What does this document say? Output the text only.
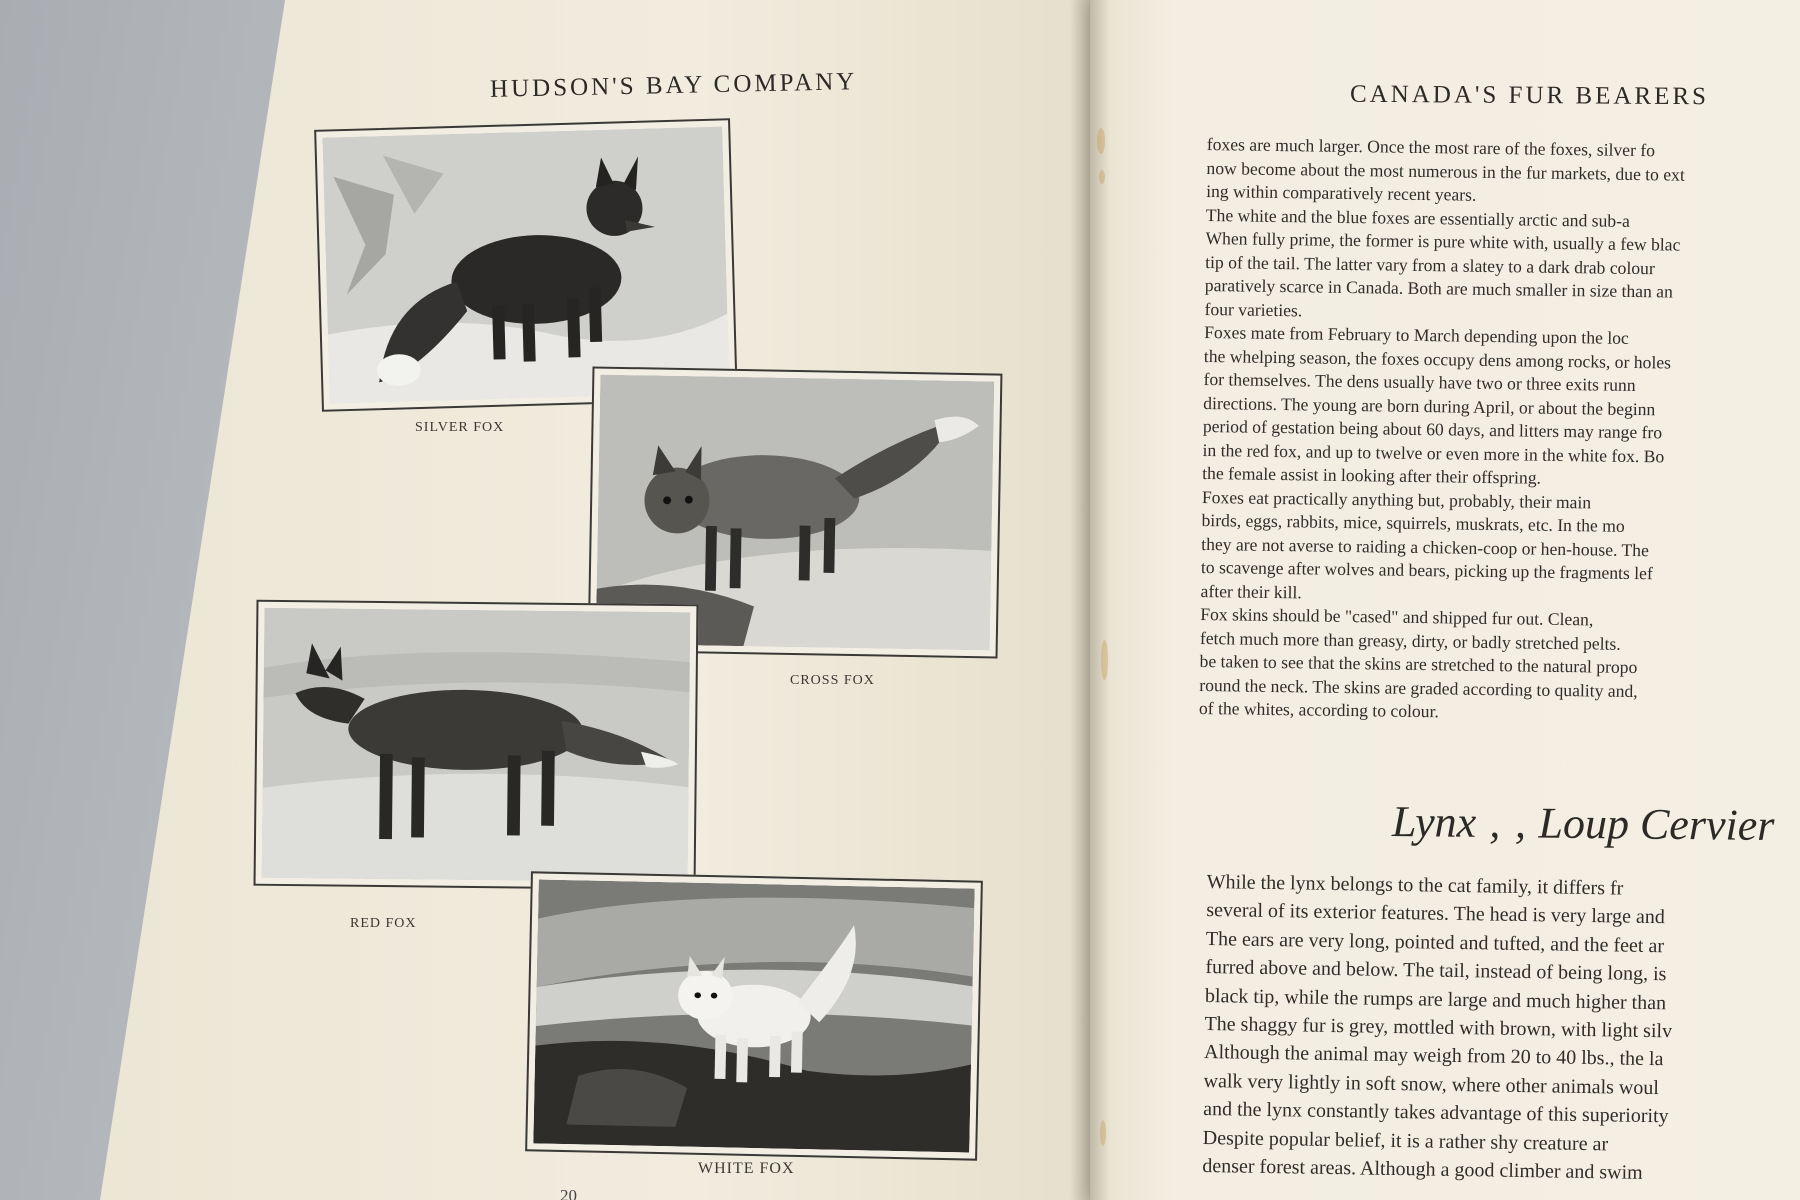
HUDSON'S BAY COMPANY	CANADA'S FUR BEARERS
SILVER FOX
CROSS FOX
RED FOX
WHITE FOX
20

foxes are much larger. Once the most rare of the foxes, silver fo

now become about the most numerous in the fur markets, due to ext

ing within comparatively recent years.

The white and the blue foxes are essentially arctic and sub-a

When fully prime, the former is pure white with, usually a few blac

tip of the tail. The latter vary from a slatey to a dark drab colour

paratively scarce in Canada. Both are much smaller in size than an

four varieties.

Foxes mate from February to March depending upon the loc

the whelping season, the foxes occupy dens among rocks, or holes

for themselves. The dens usually have two or three exits runn

directions. The young are born during April, or about the beginn

period of gestation being about 60 days, and litters may range fro

in the red fox, and up to twelve or even more in the white fox. Bo

the female assist in looking after their offspring.

Foxes eat practically anything but, probably, their main

birds, eggs, rabbits, mice, squirrels, muskrats, etc. In the mo

they are not averse to raiding a chicken-coop or hen-house. The

to scavenge after wolves and bears, picking up the fragments lef

after their kill.

Fox skins should be "cased" and shipped fur out. Clean,

fetch much more than greasy, dirty, or badly stretched pelts.

be taken to see that the skins are stretched to the natural propo

round the neck. The skins are graded according to quality and,

of the whites, according to colour.

Lynx ‚ ‚ Loup Cervier

While the lynx belongs to the cat family, it differs fr

several of its exterior features. The head is very large and

The ears are very long, pointed and tufted, and the feet ar

furred above and below. The tail, instead of being long, is

black tip, while the rumps are large and much higher than

The shaggy fur is grey, mottled with brown, with light silv

Although the animal may weigh from 20 to 40 lbs., the la

walk very lightly in soft snow, where other animals woul

and the lynx constantly takes advantage of this superiority

Despite popular belief, it is a rather shy creature ar

denser forest areas. Although a good climber and swim
